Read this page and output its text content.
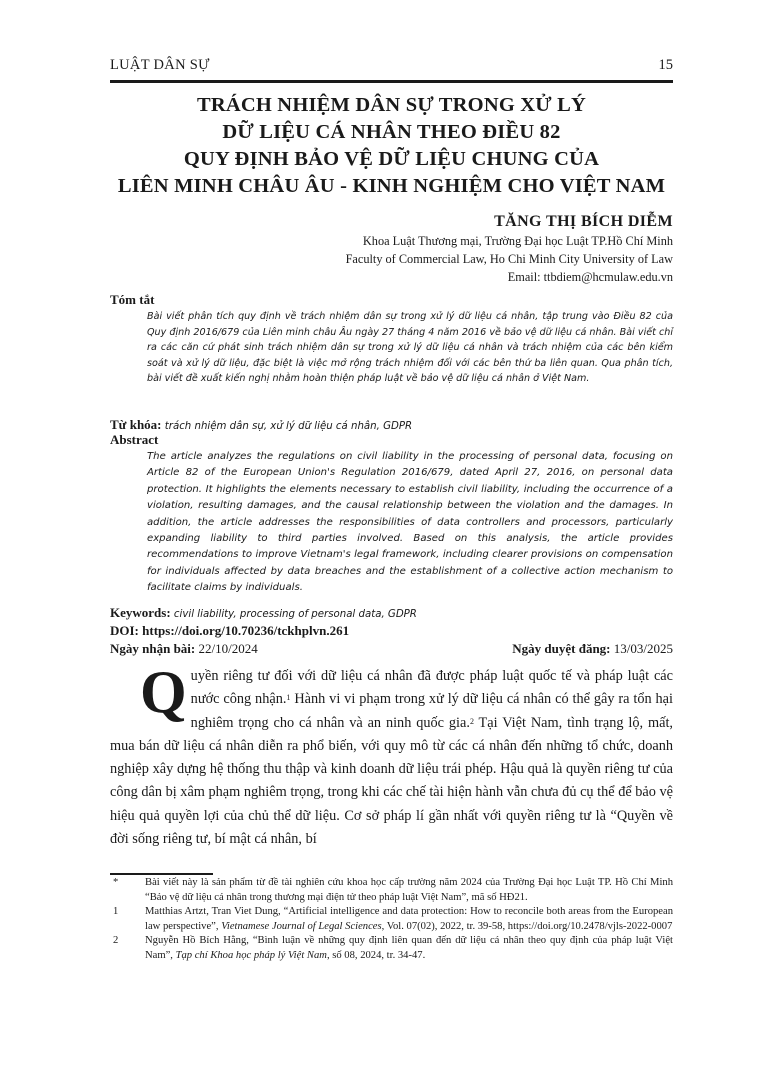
LUẬT DÂN SỰ	15
TRÁCH NHIỆM DÂN SỰ TRONG XỬ LÝ
DỮ LIỆU CÁ NHÂN THEO ĐIỀU 82
QUY ĐỊNH BẢO VỆ DỮ LIỆU CHUNG CỦA
LIÊN MINH CHÂU ÂU - KINH NGHIỆM CHO VIỆT NAM
TĂNG THỊ BÍCH DIỄM
Khoa Luật Thương mại, Trường Đại học Luật TP.Hồ Chí Minh
Faculty of Commercial Law, Ho Chi Minh City University of Law
Email: ttbdiem@hcmulaw.edu.vn
Tóm tắt
Bài viết phân tích quy định về trách nhiệm dân sự trong xử lý dữ liệu cá nhân, tập trung vào Điều 82 của Quy định 2016/679 của Liên minh châu Âu ngày 27 tháng 4 năm 2016 về bảo vệ dữ liệu cá nhân. Bài viết chỉ ra các căn cứ phát sinh trách nhiệm dân sự trong xử lý dữ liệu cá nhân và trách nhiệm của các bên kiểm soát và xử lý dữ liệu, đặc biệt là việc mở rộng trách nhiệm đối với các bên thứ ba liên quan. Qua phân tích, bài viết đề xuất kiến nghị nhằm hoàn thiện pháp luật về bảo vệ dữ liệu cá nhân ở Việt Nam.
Từ khóa: trách nhiệm dân sự, xử lý dữ liệu cá nhân, GDPR
Abstract
The article analyzes the regulations on civil liability in the processing of personal data, focusing on Article 82 of the European Union's Regulation 2016/679, dated April 27, 2016, on personal data protection. It highlights the elements necessary to establish civil liability, including the occurrence of a violation, resulting damages, and the causal relationship between the violation and the damages. In addition, the article addresses the responsibilities of data controllers and processors, particularly expanding liability to third parties involved. Based on this analysis, the article provides recommendations to improve Vietnam's legal framework, including clearer provisions on compensation for individuals affected by data breaches and the establishment of a collective action mechanism to facilitate claims by individuals.
Keywords: civil liability, processing of personal data, GDPR
DOI: https://doi.org/10.70236/tckhplvn.261
Ngày nhận bài: 22/10/2024	Ngày duyệt đăng: 13/03/2025
Quyền riêng tư đối với dữ liệu cá nhân đã được pháp luật quốc tế và pháp luật các nước công nhận.$^1$ Hành vi vi phạm trong xử lý dữ liệu cá nhân có thể gây ra tổn hại nghiêm trọng cho cá nhân và an ninh quốc gia.$^2$ Tại Việt Nam, tình trạng lộ, mất, mua bán dữ liệu cá nhân diễn ra phổ biến, với quy mô từ các cá nhân đến những tổ chức, doanh nghiệp xây dựng hệ thống thu thập và kinh doanh dữ liệu trái phép. Hậu quả là quyền riêng tư của công dân bị xâm phạm nghiêm trọng, trong khi các chế tài hiện hành vẫn chưa đủ cụ thể để bảo vệ hiệu quả quyền lợi của chủ thể dữ liệu. Cơ sở pháp lí gần nhất với quyền riêng tư là “Quyền về đời sống riêng tư, bí mật cá nhân, bí
*	Bài viết này là sản phẩm từ đề tài nghiên cứu khoa học cấp trường năm 2024 của Trường Đại học Luật TP. Hồ Chí Minh “Bảo vệ dữ liệu cá nhân trong thương mại điện tử theo pháp luật Việt Nam”, mã số HĐ21.
1	Matthias Artzt, Tran Viet Dung, “Artificial intelligence and data protection: How to reconcile both areas from the European law perspective”, Vietnamese Journal of Legal Sciences, Vol. 07(02), 2022, tr. 39-58, https://doi.org/10.2478/vjls-2022-0007
2	Nguyễn Hồ Bích Hằng, “Bình luận về những quy định liên quan đến dữ liệu cá nhân theo quy định của pháp luật Việt Nam”, Tạp chí Khoa học pháp lý Việt Nam, số 08, 2024, tr. 34-47.
